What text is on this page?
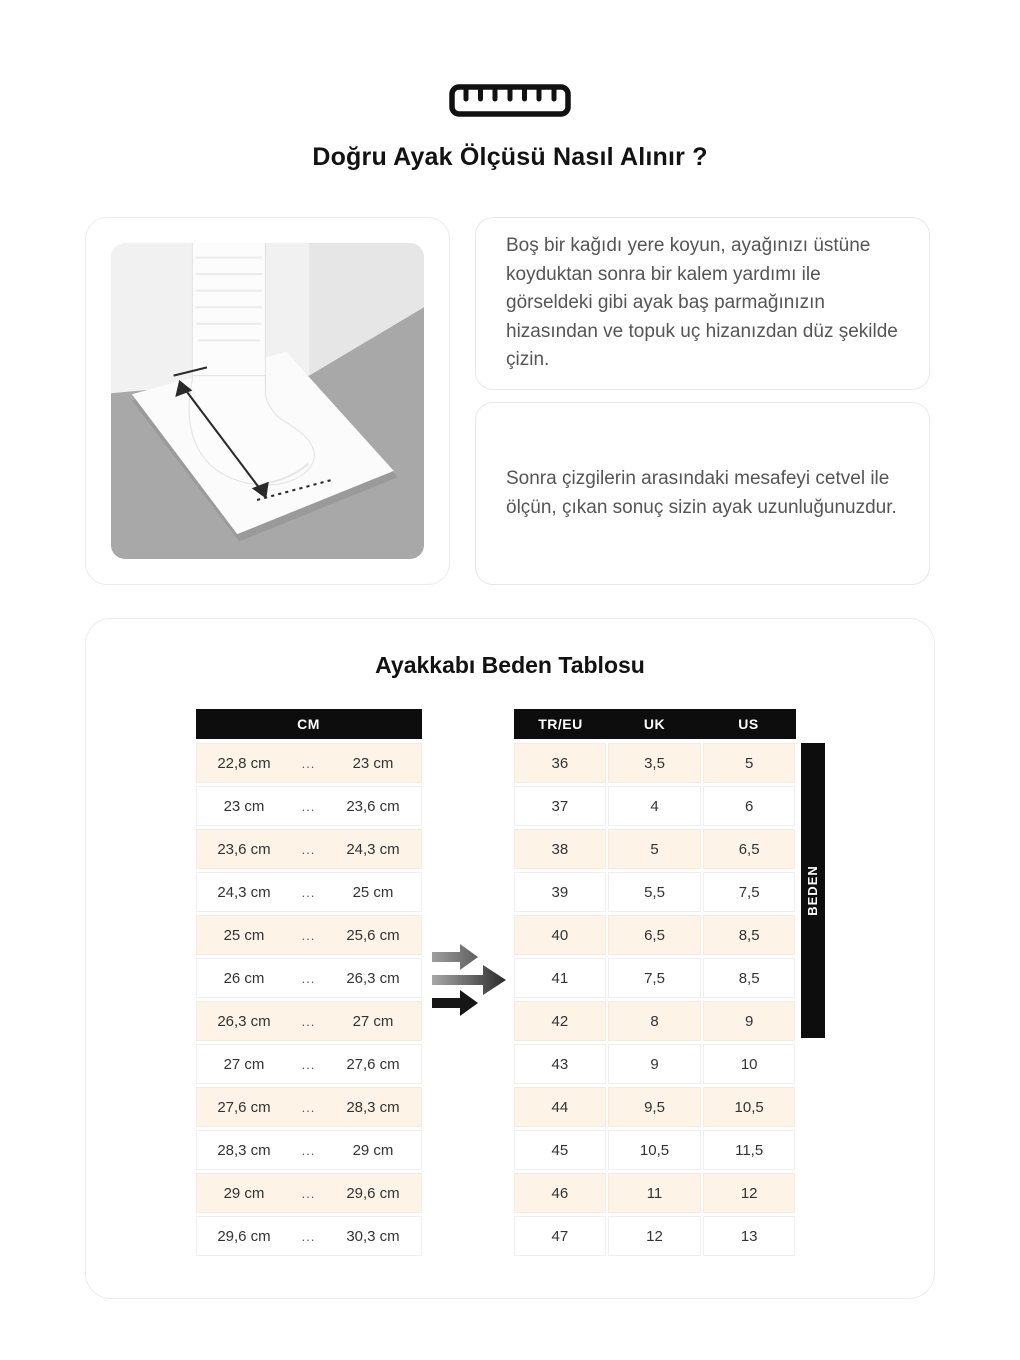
Doğru Ayak Ölçüsü Nasıl Alınır ?
Boş bir kağıdı yere koyun, ayağınızı üstüne koyduktan sonra bir kalem yardımı ile görseldeki gibi ayak baş parmağınızın hizasından ve topuk uç hizanızdan düz şekilde çizin.
Sonra çizgilerin arasındaki mesafeyi cetvel ile ölçün, çıkan sonuç sizin ayak uzunluğunuzdur.
Ayakkabı Beden Tablosu
CM
22,8 cm	...	23 cm
23 cm	...	23,6 cm
23,6 cm	...	24,3 cm
24,3 cm	...	25 cm
25 cm	...	25,6 cm
26 cm	...	26,3 cm
26,3 cm	...	27 cm
27 cm	...	27,6 cm
27,6 cm	...	28,3 cm
28,3 cm	...	29 cm
29 cm	...	29,6 cm
29,6 cm	...	30,3 cm
TR/EU	UK	US
36	3,5	5
37	4	6
38	5	6,5
39	5,5	7,5
40	6,5	8,5
41	7,5	8,5
42	8	9
43	9	10
44	9,5	10,5
45	10,5	11,5
46	11	12
47	12	13
BEDEN
